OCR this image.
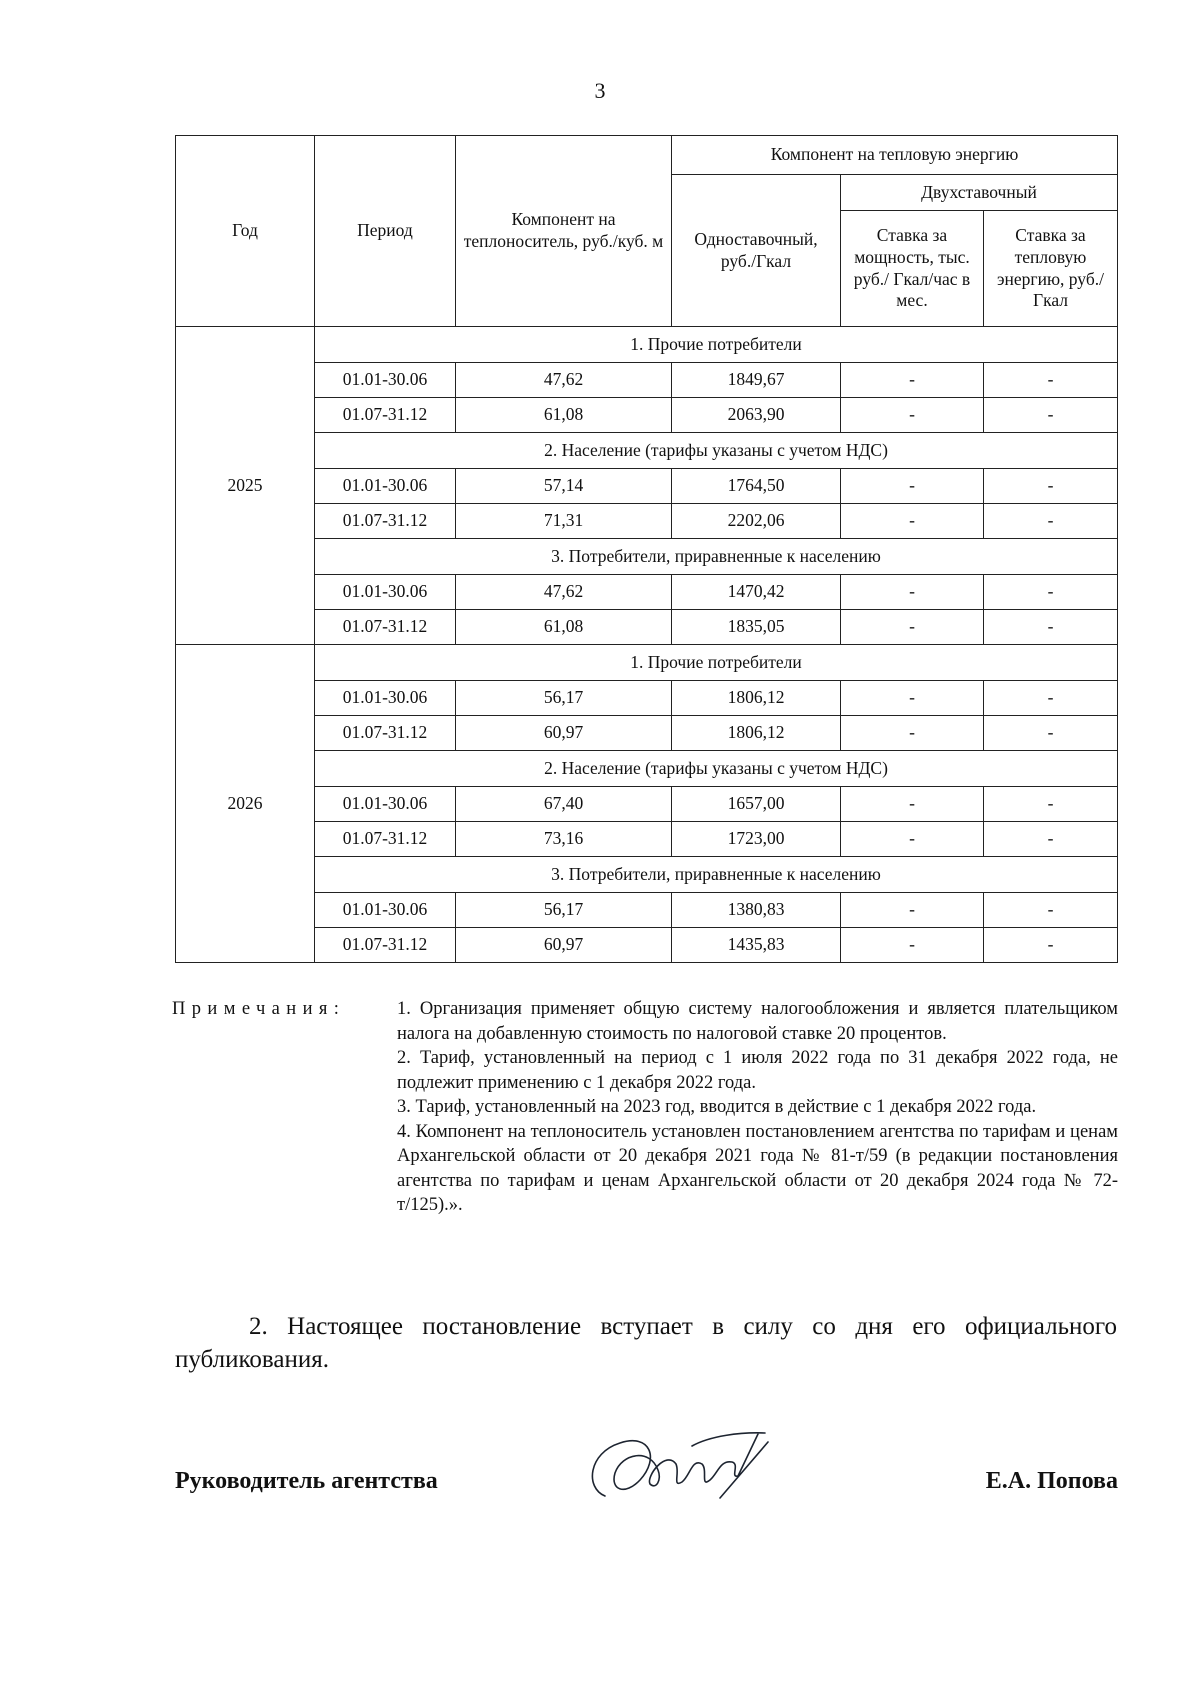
3
Год	Период	Компонент на теплоноситель, руб./куб. м	Компонент на тепловую энергию		
			Одноставочный, руб./Гкал	Двухставочный	
				Ставка за мощность, тыс. руб./ Гкал/час в мес.	Ставка за тепловую энергию, руб./Гкал
2025	1. Прочие потребители				
	01.01-30.06	47,62	1849,67	-	-
	01.07-31.12	61,08	2063,90	-	-
	2. Население (тарифы указаны с учетом НДС)				
	01.01-30.06	57,14	1764,50	-	-
	01.07-31.12	71,31	2202,06	-	-
	3. Потребители, приравненные к населению				
	01.01-30.06	47,62	1470,42	-	-
	01.07-31.12	61,08	1835,05	-	-
2026	1. Прочие потребители				
	01.01-30.06	56,17	1806,12	-	-
	01.07-31.12	60,97	1806,12	-	-
	2. Население (тарифы указаны с учетом НДС)				
	01.01-30.06	67,40	1657,00	-	-
	01.07-31.12	73,16	1723,00	-	-
	3. Потребители, приравненные к населению				
	01.01-30.06	56,17	1380,83	-	-
	01.07-31.12	60,97	1435,83	-	-
Примечания:	1. Организация применяет общую систему налогообложения и является плательщиком налога на добавленную стоимость по налоговой ставке 20 процентов.

2. Тариф, установленный на период с 1 июля 2022 года по 31 декабря 2022 года, не подлежит применению с 1 декабря 2022 года.

3. Тариф, установленный на 2023 год, вводится в действие с 1 декабря 2022 года.

4. Компонент на теплоноситель установлен постановлением агентства по тарифам и ценам Архангельской области от 20 декабря 2021 года № 81-т/59 (в редакции постановления агентства по тарифам и ценам Архангельской области от 20 декабря 2024 года № 72-т/125).».

2. Настоящее постановление вступает в силу со дня его официального публикования.

Руководитель агентства	Е.А. Попова
